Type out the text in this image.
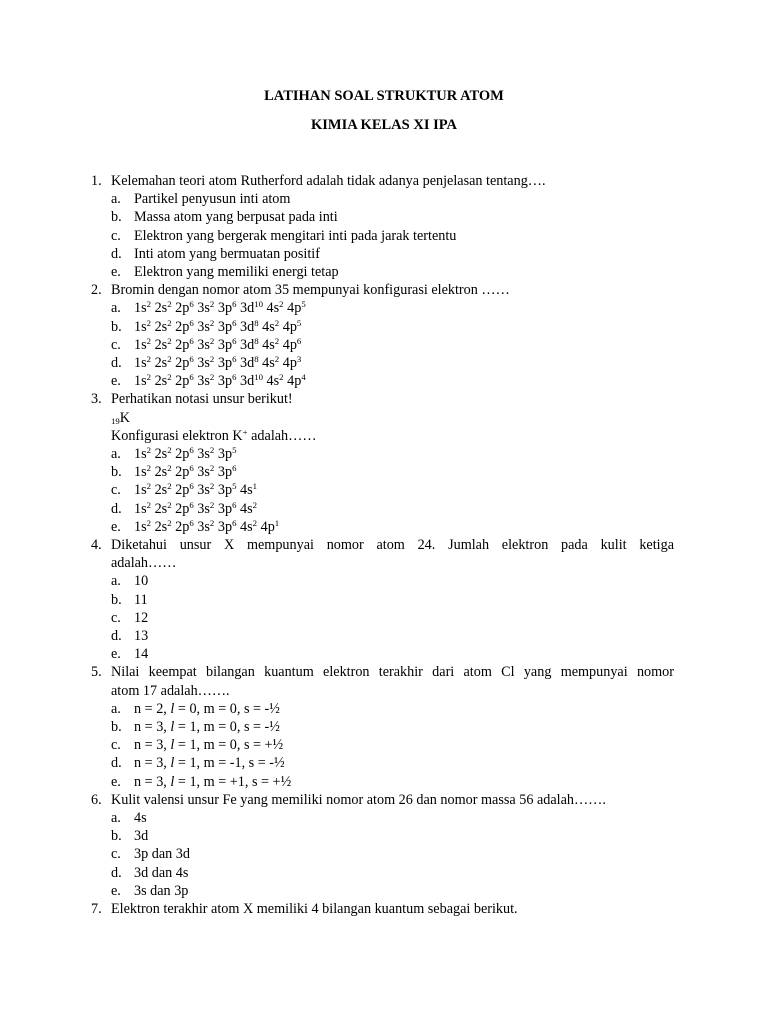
LATIHAN SOAL STRUKTUR ATOM
KIMIA KELAS XI IPA
1. Kelemahan teori atom Rutherford adalah tidak adanya penjelasan tentang….
a. Partikel penyusun inti atom
b. Massa atom yang berpusat pada inti
c. Elektron yang bergerak mengitari inti pada jarak tertentu
d. Inti atom yang bermuatan positif
e. Elektron yang memiliki energi tetap
2. Bromin dengan nomor atom 35 mempunyai konfigurasi elektron ……
a. $1s^2$ $2s^2$ $2p^6$ $3s^2$ $3p^6$ $3d^{10}$ $4s^2$ $4p^5$
b. $1s^2$ $2s^2$ $2p^6$ $3s^2$ $3p^6$ $3d^8$ $4s^2$ $4p^5$
c. $1s^2$ $2s^2$ $2p^6$ $3s^2$ $3p^6$ $3d^8$ $4s^2$ $4p^6$
d. $1s^2$ $2s^2$ $2p^6$ $3s^2$ $3p^6$ $3d^8$ $4s^2$ $4p^3$
e. $1s^2$ $2s^2$ $2p^6$ $3s^2$ $3p^6$ $3d^{10}$ $4s^2$ $4p^4$
3. Perhatikan notasi unsur berikut!
$_{19}$K
Konfigurasi elektron K+ adalah……
a. $1s^2$ $2s^2$ $2p^6$ $3s^2$ $3p^5$
b. $1s^2$ $2s^2$ $2p^6$ $3s^2$ $3p^6$
c. $1s^2$ $2s^2$ $2p^6$ $3s^2$ $3p^5$ $4s^1$
d. $1s^2$ $2s^2$ $2p^6$ $3s^2$ $3p^6$ $4s^2$
e. $1s^2$ $2s^2$ $2p^6$ $3s^2$ $3p^6$ $4s^2$ $4p^1$
4. Diketahui unsur X mempunyai nomor atom 24. Jumlah elektron pada kulit ketiga
adalah……
a. 10
b. 11
c. 12
d. 13
e. 14
5. Nilai keempat bilangan kuantum elektron terakhir dari atom Cl yang mempunyai nomor
atom 17 adalah…….
a. n = 2, l = 0, m = 0, s = -½
b. n = 3, l = 1, m = 0, s = -½
c. n = 3, l = 1, m = 0, s = +½
d. n = 3, l = 1, m = -1, s = -½
e. n = 3, l = 1, m = +1, s = +½
6. Kulit valensi unsur Fe yang memiliki nomor atom 26 dan nomor massa 56 adalah…….
a. 4s
b. 3d
c. 3p dan 3d
d. 3d dan 4s
e. 3s dan 3p
7. Elektron terakhir atom X memiliki 4 bilangan kuantum sebagai berikut.
